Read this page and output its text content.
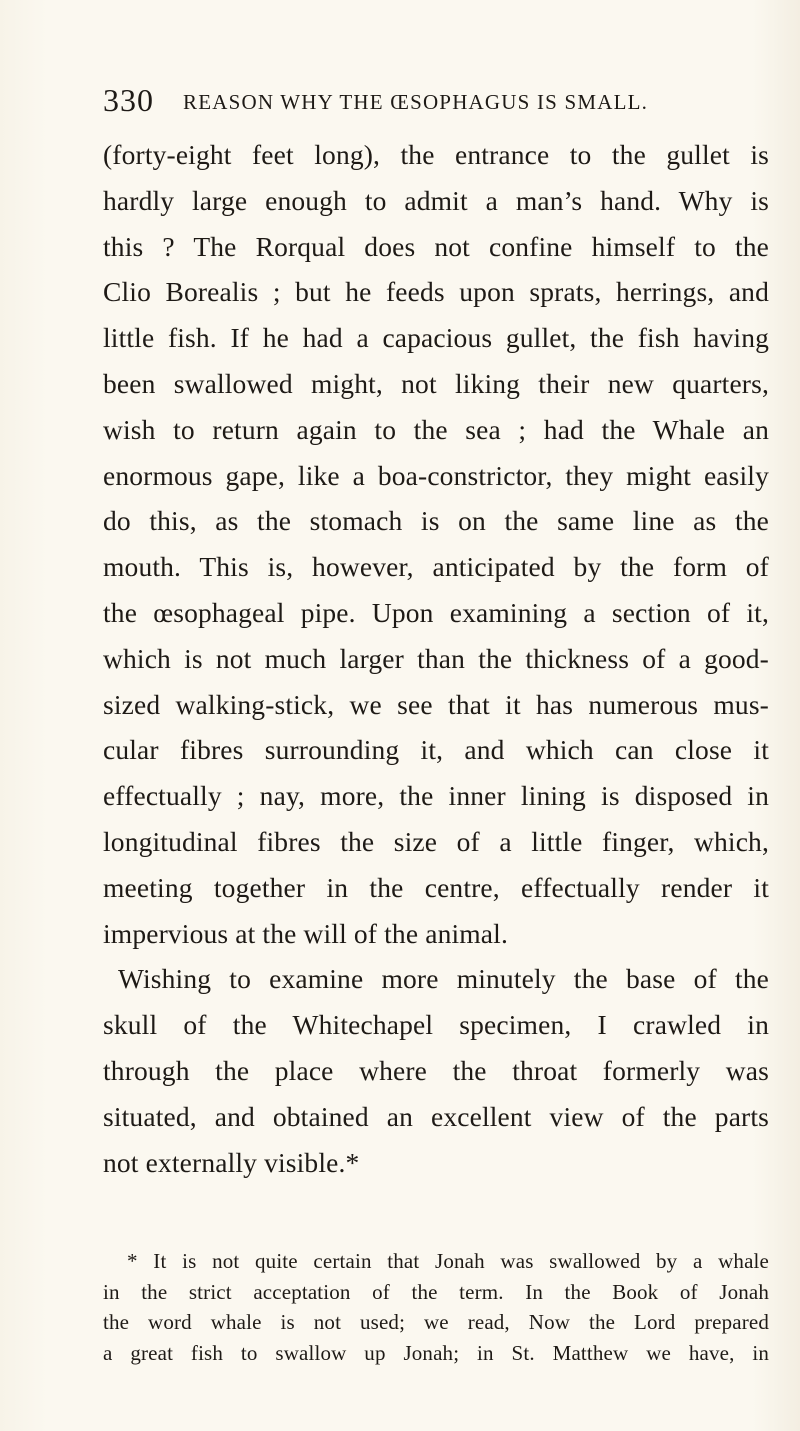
330 REASON WHY THE ŒSOPHAGUS IS SMALL.
(forty-eight feet long), the entrance to the gullet is
hardly large enough to admit a man’s hand. Why is
this ? The Rorqual does not confine himself to the
Clio Borealis ; but he feeds upon sprats, herrings, and
little fish. If he had a capacious gullet, the fish having
been swallowed might, not liking their new quarters,
wish to return again to the sea ; had the Whale an
enormous gape, like a boa-constrictor, they might easily
do this, as the stomach is on the same line as the
mouth. This is, however, anticipated by the form of
the œsophageal pipe. Upon examining a section of it,
which is not much larger than the thickness of a good-
sized walking-stick, we see that it has numerous mus-
cular fibres surrounding it, and which can close it
effectually ; nay, more, the inner lining is disposed in
longitudinal fibres the size of a little finger, which,
meeting together in the centre, effectually render it
impervious at the will of the animal.
Wishing to examine more minutely the base of the
skull of the Whitechapel specimen, I crawled in
through the place where the throat formerly was
situated, and obtained an excellent view of the parts
not externally visible.*
* It is not quite certain that Jonah was swallowed by a whale
in the strict acceptation of the term. In the Book of Jonah
the word whale is not used; we read, Now the Lord prepared
a great fish to swallow up Jonah; in St. Matthew we have, in
